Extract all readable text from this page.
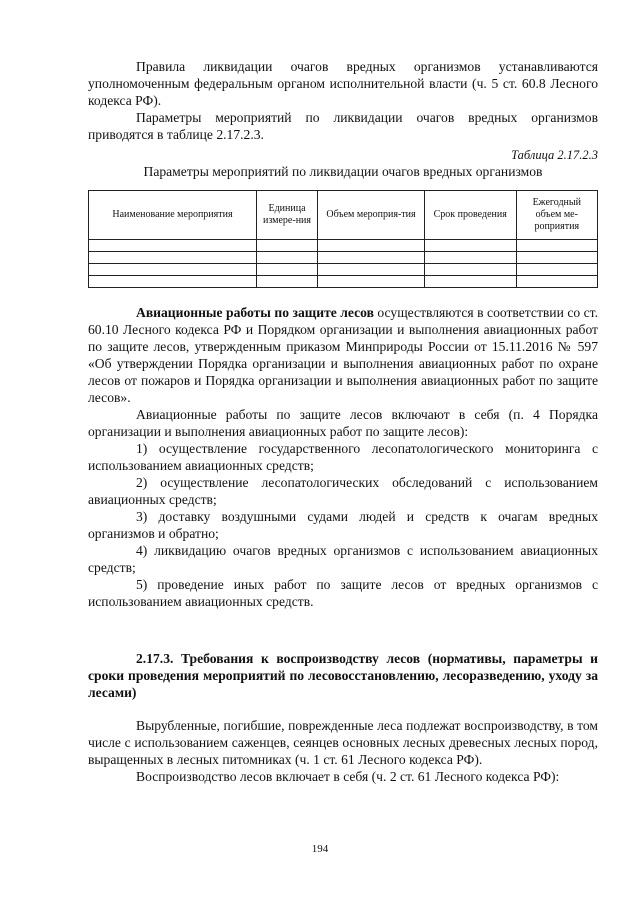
Правила ликвидации очагов вредных организмов устанавливаются уполномоченным федеральным органом исполнительной власти (ч. 5 ст. 60.8 Лесного кодекса РФ).

Параметры мероприятий по ликвидации очагов вредных организмов приводятся в таблице 2.17.2.3.

Таблица 2.17.2.3
Параметры мероприятий по ликвидации очагов вредных организмов
Наименование мероприятия	Единица измере-ния	Объем мероприя-тия	Срок проведения	Ежегодный объем ме-роприятия

Авиационные работы по защите лесов осуществляются в соответствии со ст. 60.10 Лесного кодекса РФ и Порядком организации и выполнения авиационных работ по защите лесов, утвержденным приказом Минприроды России от 15.11.2016 № 597 «Об утверждении Порядка организации и выполнения авиационных работ по охране лесов от пожаров и Порядка организации и выполнения авиационных работ по защите лесов».

Авиационные работы по защите лесов включают в себя (п. 4 Порядка организации и выполнения авиационных работ по защите лесов):

1) осуществление государственного лесопатологического мониторинга с использованием авиационных средств;

2) осуществление лесопатологических обследований с использованием авиационных средств;

3) доставку воздушными судами людей и средств к очагам вредных организмов и обратно;

4) ликвидацию очагов вредных организмов с использованием авиационных средств;

5) проведение иных работ по защите лесов от вредных организмов с использованием авиационных средств.

2.17.3. Требования к воспроизводству лесов (нормативы, параметры и сроки проведения мероприятий по лесовосстановлению, лесоразведению, уходу за лесами)

Вырубленные, погибшие, поврежденные леса подлежат воспроизводству, в том числе с использованием саженцев, сеянцев основных лесных древесных лесных пород, выращенных в лесных питомниках (ч. 1 ст. 61 Лесного кодекса РФ).

Воспроизводство лесов включает в себя (ч. 2 ст. 61 Лесного кодекса РФ):

194
